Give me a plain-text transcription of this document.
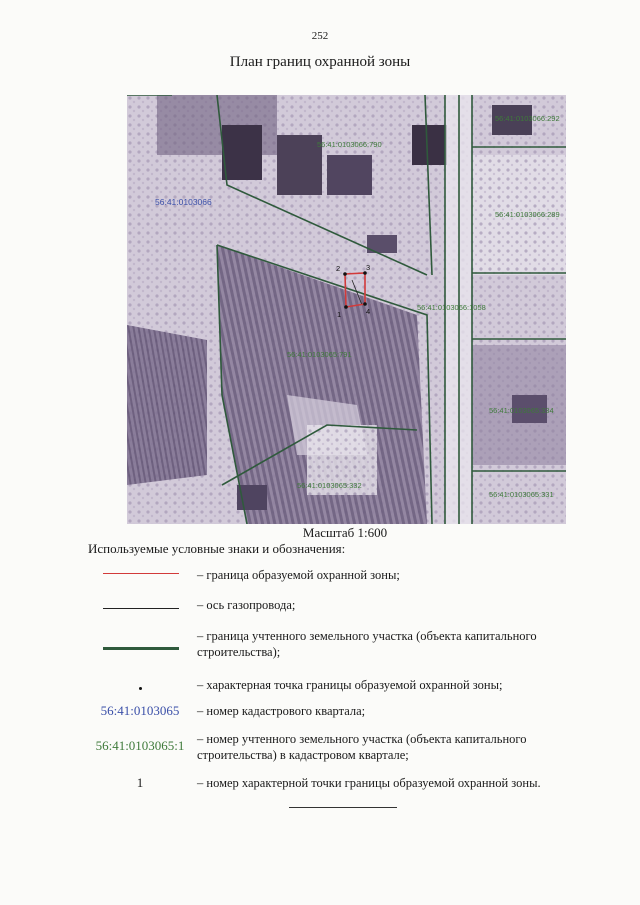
252
План границ охранной зоны
1
2	3
4
56:41:0103066:790
56:41:0103066:292
56:41:0103066:289
56:41:0103066:1058
56:41:0103065:791
56:41:0103065:332
56:41:0103065:334
56:41:0103065:331
56:41:0103066
Масштаб 1:600
Используемые условные знаки и обозначения:
– граница образуемой охранной зоны;
– ось газопровода;
– граница учтенного земельного участка (объекта капитального строительства);
– характерная точка границы образуемой охранной зоны;
56:41:0103065	– номер кадастрового квартала;
56:41:0103065:1	– номер учтенного земельного участка (объекта капитального строительства) в кадастровом квартале;
1	– номер характерной точки границы образуемой охранной зоны.
